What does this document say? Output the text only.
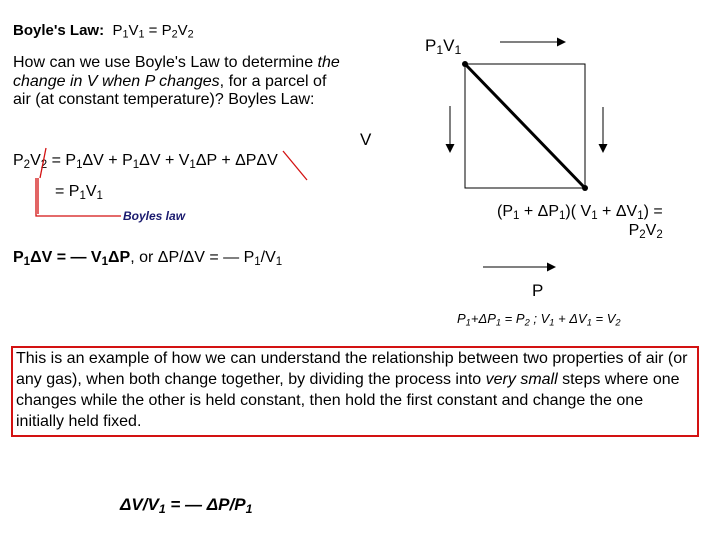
Boyle's Law: $P_1V_1 = P_2V_2$
How can we use Boyle's Law to determine the change in V when P changes, for a parcel of air (at constant temperature)? Boyles Law:
$P_2V_2 = P_1\Delta V + P_1\Delta V + V_1\Delta P + \Delta P\Delta V$
= $P_1V_1$
Boyles law
$P_1\Delta V$ = — $V_1\Delta P$, or ΔP/ΔV = — $P_1/V_1$
$P_1V_1$
V
$(P_1 + \Delta P_1)$( $V_1 + \Delta V_1$) =
$P_2V_2$
P
$P_1+\Delta P_1 = P_2$ ; $V_1 + \Delta V_1 = V_2$
This is an example of how we can understand the relationship between two properties of air (or any gas), when both change together, by dividing the process into very small steps where one changes while the other is held constant, then hold the first constant and change the one initially held fixed.
$\Delta V/V_1$ = — $\Delta P/P_1$
